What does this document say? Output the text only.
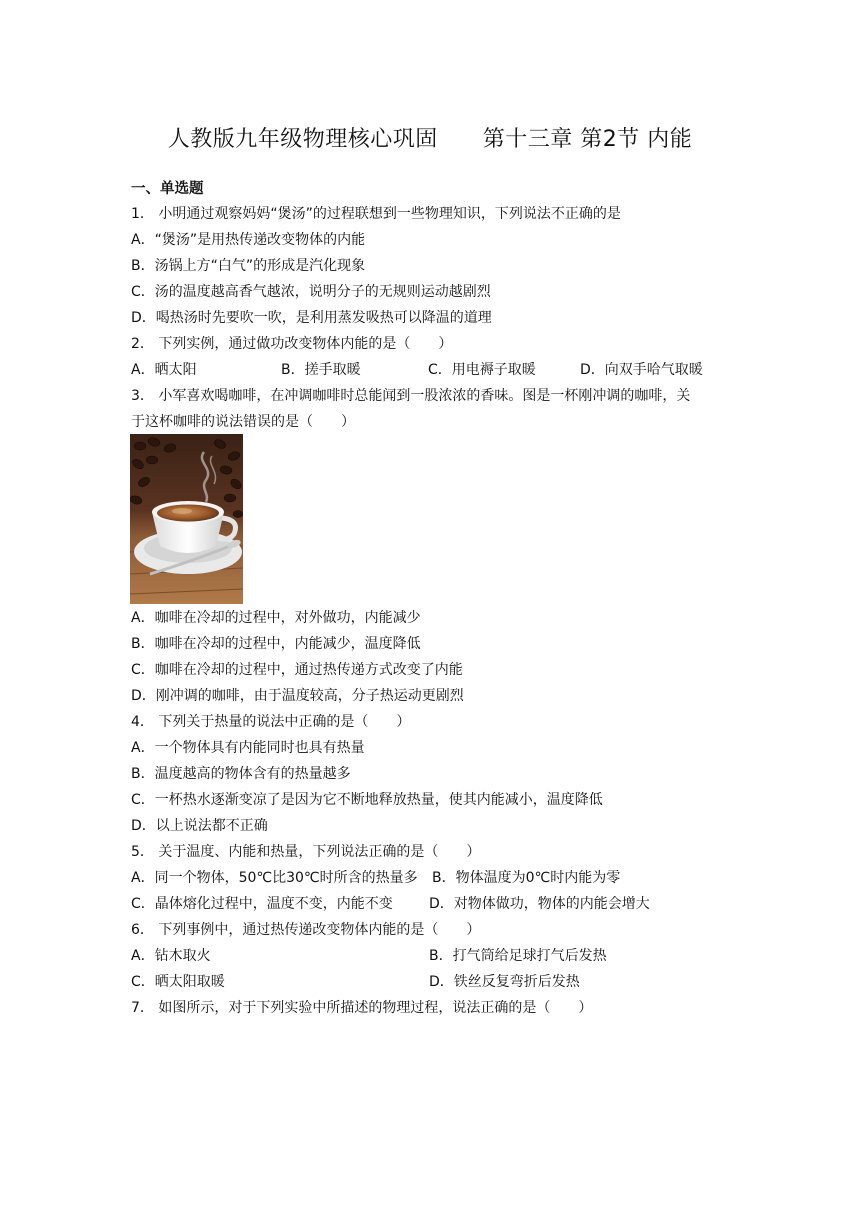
人教版九年级物理核心巩固　　第十三章 第2节 内能
一、单选题
1． 小明通过观察妈妈“煲汤”的过程联想到一些物理知识，下列说法不正确的是
A．“煲汤”是用热传递改变物体的内能
B．汤锅上方“白气”的形成是汽化现象
C．汤的温度越高香气越浓，说明分子的无规则运动越剧烈
D．喝热汤时先要吹一吹，是利用蒸发吸热可以降温的道理
2． 下列实例，通过做功改变物体内能的是（　　）
A．晒太阳	B．搓手取暖	C．用电褥子取暖	D．向双手哈气取暖
3． 小军喜欢喝咖啡，在冲调咖啡时总能闻到一股浓浓的香味。图是一杯刚冲调的咖啡，关
于这杯咖啡的说法错误的是（　　）
A．咖啡在冷却的过程中，对外做功，内能减少
B．咖啡在冷却的过程中，内能减少，温度降低
C．咖啡在冷却的过程中，通过热传递方式改变了内能
D．刚冲调的咖啡，由于温度较高，分子热运动更剧烈
4． 下列关于热量的说法中正确的是（　　）
A．一个物体具有内能同时也具有热量
B．温度越高的物体含有的热量越多
C．一杯热水逐渐变凉了是因为它不断地释放热量，使其内能减小，温度降低
D．以上说法都不正确
5． 关于温度、内能和热量，下列说法正确的是（　　）
A．同一个物体，50℃比30℃时所含的热量多 B．物体温度为0℃时内能为零
C．晶体熔化过程中，温度不变，内能不变	D．对物体做功，物体的内能会增大
6． 下列事例中，通过热传递改变物体内能的是（　　）
A．钻木取火	B．打气筒给足球打气后发热
C．晒太阳取暖	D．铁丝反复弯折后发热
7． 如图所示，对于下列实验中所描述的物理过程，说法正确的是（　　）
